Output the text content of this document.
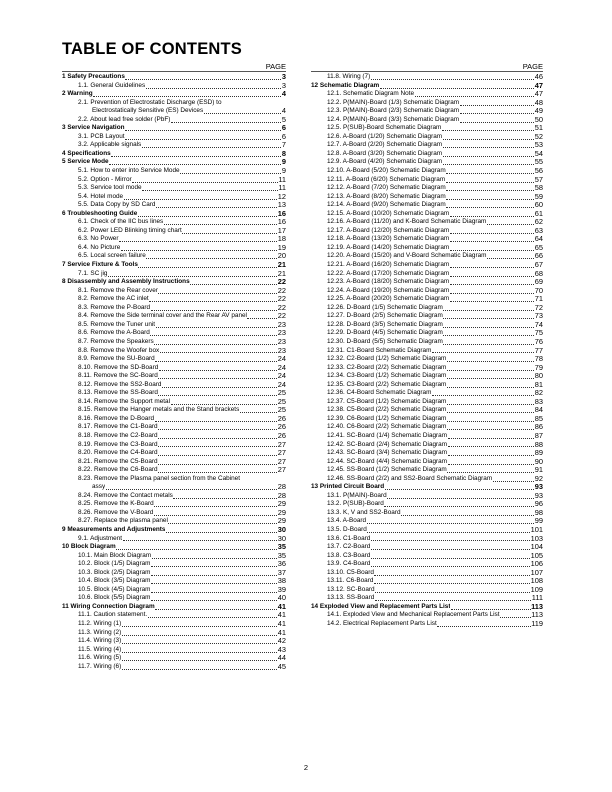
TABLE OF CONTENTS
PAGE
1 Safety Precautions	3
1.1. General Guidelines	3
2 Warning	4
2.1. Prevention of Electrostatic Discharge (ESD) to
Electrostatically Sensitive (ES) Devices	4
2.2. About lead free solder (PbF)	5
3 Service Navigation	6
3.1. PCB Layout	6
3.2. Applicable signals	7
4 Specifications	8
5 Service Mode	9
5.1. How to enter into Service Mode	9
5.2. Option - Mirror	11
5.3. Service tool mode	11
5.4. Hotel mode	12
5.5. Data Copy by SD Card	13
6 Troubleshooting Guide	16
6.1. Check of the IIC bus lines	16
6.2. Power LED Blinking timing chart	17
6.3. No Power	18
6.4. No Picture	19
6.5. Local screen failure	20
7 Service Fixture & Tools	21
7.1. SC jig	21
8 Disassembly and Assembly Instructions	22
8.1. Remove the Rear cover	22
8.2. Remove the AC inlet	22
8.3. Remove the P-Board	22
8.4. Remove the Side terminal cover and the Rear AV panel	22
8.5. Remove the Tuner unit	23
8.6. Remove the A-Board	23
8.7. Remove the Speakers	23
8.8. Remove the Woofer box	23
8.9. Remove the SU-Board	24
8.10. Remove the SD-Board	24
8.11. Remove the SC-Board	24
8.12. Remove the SS2-Board	24
8.13. Remove the SS-Board	25
8.14. Remove the Support metal	25
8.15. Remove the Hanger metals and the Stand brackets	25
8.16. Remove the D-Board	26
8.17. Remove the C1-Board	26
8.18. Remove the C2-Board	26
8.19. Remove the C3-Board	27
8.20. Remove the C4-Board	27
8.21. Remove the C5-Board	27
8.22. Remove the C6-Board	27
8.23. Remove the Plasma panel section from the Cabinet
assy	28
8.24. Remove the Contact metals	28
8.25. Remove the K-Board	29
8.26. Remove the V-Board	29
8.27. Replace the plasma panel	29
9 Measurements and Adjustments	30
9.1. Adjustment	30
10 Block Diagram	35
10.1. Main Block Diagram	35
10.2. Block (1/5) Diagram	36
10.3. Block (2/5) Diagram	37
10.4. Block (3/5) Diagram	38
10.5. Block (4/5) Diagram	39
10.6. Block (5/5) Diagram	40
11 Wiring Connection Diagram	41
11.1. Caution statement.	41
11.2. Wiring (1)	41
11.3. Wiring (2)	41
11.4. Wiring (3)	42
11.5. Wiring (4)	43
11.6. Wiring (5)	44
11.7. Wiring (6)	45
PAGE
11.8. Wiring (7)	46
12 Schematic Diagram	47
12.1. Schematic Diagram Note	47
12.2. P(MAIN)-Board (1/3) Schematic Diagram	48
12.3. P(MAIN)-Board (2/3) Schematic Diagram	49
12.4. P(MAIN)-Board (3/3) Schematic Diagram	50
12.5. P(SUB)-Board Schematic Diagram	51
12.6. A-Board (1/20) Schematic Diagram	52
12.7. A-Board (2/20) Schematic Diagram	53
12.8. A-Board (3/20) Schematic Diagram	54
12.9. A-Board (4/20) Schematic Diagram	55
12.10. A-Board (5/20) Schematic Diagram	56
12.11. A-Board (6/20) Schematic Diagram	57
12.12. A-Board (7/20) Schematic Diagram	58
12.13. A-Board (8/20) Schematic Diagram	59
12.14. A-Board (9/20) Schematic Diagram	60
12.15. A-Board (10/20) Schematic Diagram	61
12.16. A-Board (11/20) and K-Board Schematic Diagram	62
12.17. A-Board (12/20) Schematic Diagram	63
12.18. A-Board (13/20) Schematic Diagram	64
12.19. A-Board (14/20) Schematic Diagram	65
12.20. A-Board (15/20) and V-Board Schematic Diagram	66
12.21. A-Board (16/20) Schematic Diagram	67
12.22. A-Board (17/20) Schematic Diagram	68
12.23. A-Board (18/20) Schematic Diagram	69
12.24. A-Board (19/20) Schematic Diagram	70
12.25. A-Board (20/20) Schematic Diagram	71
12.26. D-Board (1/5) Schematic Diagram	72
12.27. D-Board (2/5) Schematic Diagram	73
12.28. D-Board (3/5) Schematic Diagram	74
12.29. D-Board (4/5) Schematic Diagram	75
12.30. D-Board (5/5) Schematic Diagram	76
12.31. C1-Board Schematic Diagram	77
12.32. C2-Board (1/2) Schematic Diagram	78
12.33. C2-Board (2/2) Schematic Diagram	79
12.34. C3-Board (1/2) Schematic Diagram	80
12.35. C3-Board (2/2) Schematic Diagram	81
12.36. C4-Board Schematic Diagram	82
12.37. C5-Board (1/2) Schematic Diagram	83
12.38. C5-Board (2/2) Schematic Diagram	84
12.39. C6-Board (1/2) Schematic Diagram	85
12.40. C6-Board (2/2) Schematic Diagram	86
12.41. SC-Board (1/4) Schematic Diagram	87
12.42. SC-Board (2/4) Schematic Diagram	88
12.43. SC-Board (3/4) Schematic Diagram	89
12.44. SC-Board (4/4) Schematic Diagram	90
12.45. SS-Board (1/2) Schematic Diagram	91
12.46. SS-Board (2/2) and SS2-Board Schematic Diagram	92
13 Printed Circuit Board	93
13.1. P(MAIN)-Board	93
13.2. P(SUB)-Board	96
13.3. K, V and SS2-Board	98
13.4. A-Board	99
13.5. D-Board	101
13.6. C1-Board	103
13.7. C2-Board	104
13.8. C3-Board	105
13.9. C4-Board	106
13.10. C5-Board	107
13.11. C6-Board	108
13.12. SC-Board	109
13.13. SS-Board	111
14 Exploded View and Replacement Parts List	113
14.1. Exploded View and Mechanical Replacement Parts List	113
14.2. Electrical Replacement Parts List	119
2
